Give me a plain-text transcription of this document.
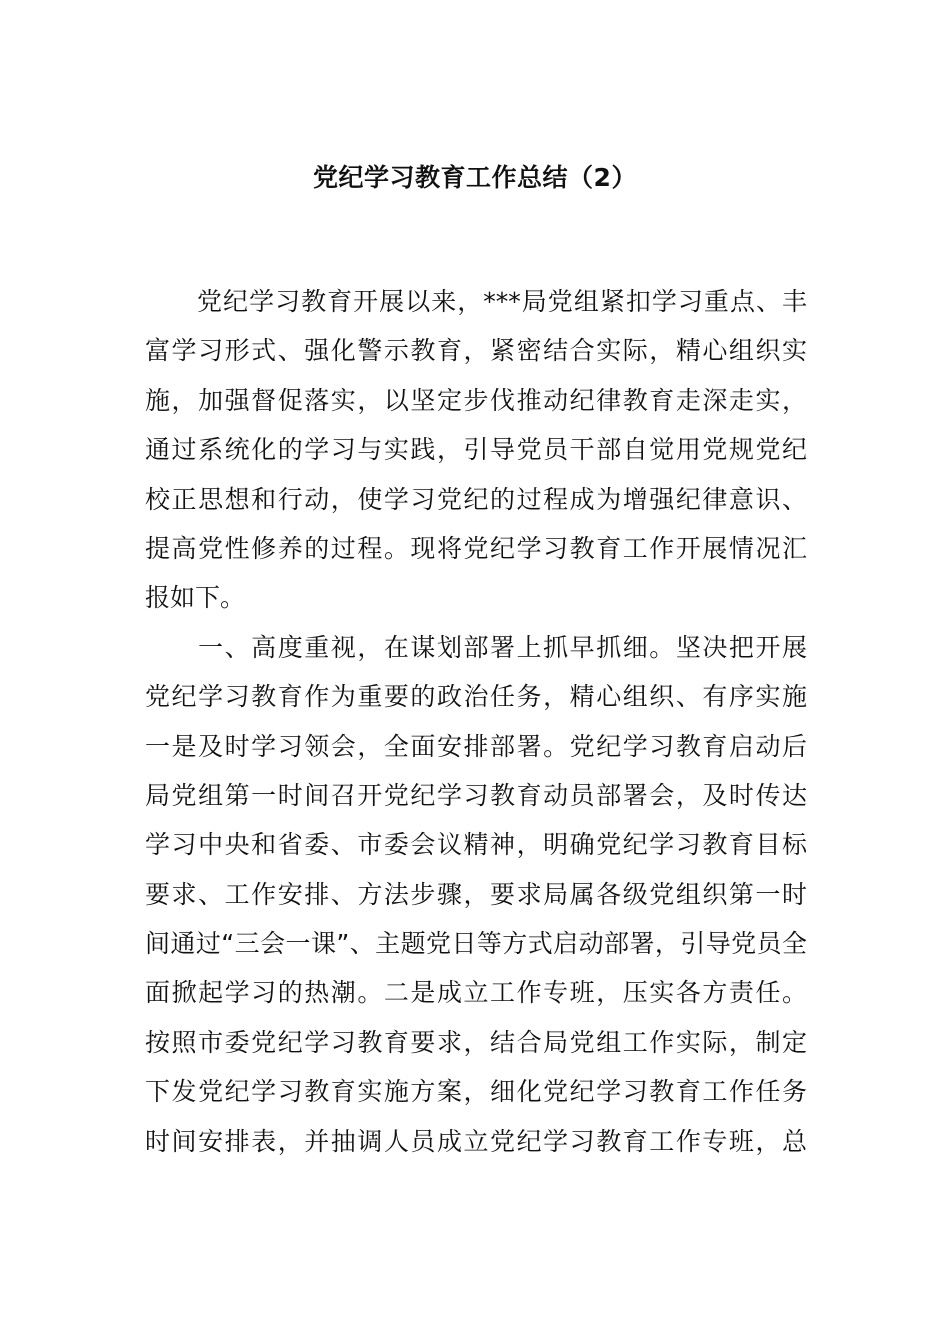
党纪学习教育工作总结（2）
　　党纪学习教育开展以来，***局党组紧扣学习重点、丰
富学习形式、强化警示教育，紧密结合实际，精心组织实
施，加强督促落实，以坚定步伐推动纪律教育走深走实，
通过系统化的学习与实践，引导党员干部自觉用党规党纪
校正思想和行动，使学习党纪的过程成为增强纪律意识、
提高党性修养的过程。现将党纪学习教育工作开展情况汇
报如下。
　　一、高度重视，在谋划部署上抓早抓细。坚决把开展
党纪学习教育作为重要的政治任务，精心组织、有序实施
一是及时学习领会，全面安排部署。党纪学习教育启动后
局党组第一时间召开党纪学习教育动员部署会，及时传达
学习中央和省委、市委会议精神，明确党纪学习教育目标
要求、工作安排、方法步骤，要求局属各级党组织第一时
间通过“三会一课”、主题党日等方式启动部署，引导党员全
面掀起学习的热潮。二是成立工作专班，压实各方责任。
按照市委党纪学习教育要求，结合局党组工作实际，制定
下发党纪学习教育实施方案，细化党纪学习教育工作任务
时间安排表，并抽调人员成立党纪学习教育工作专班，总
